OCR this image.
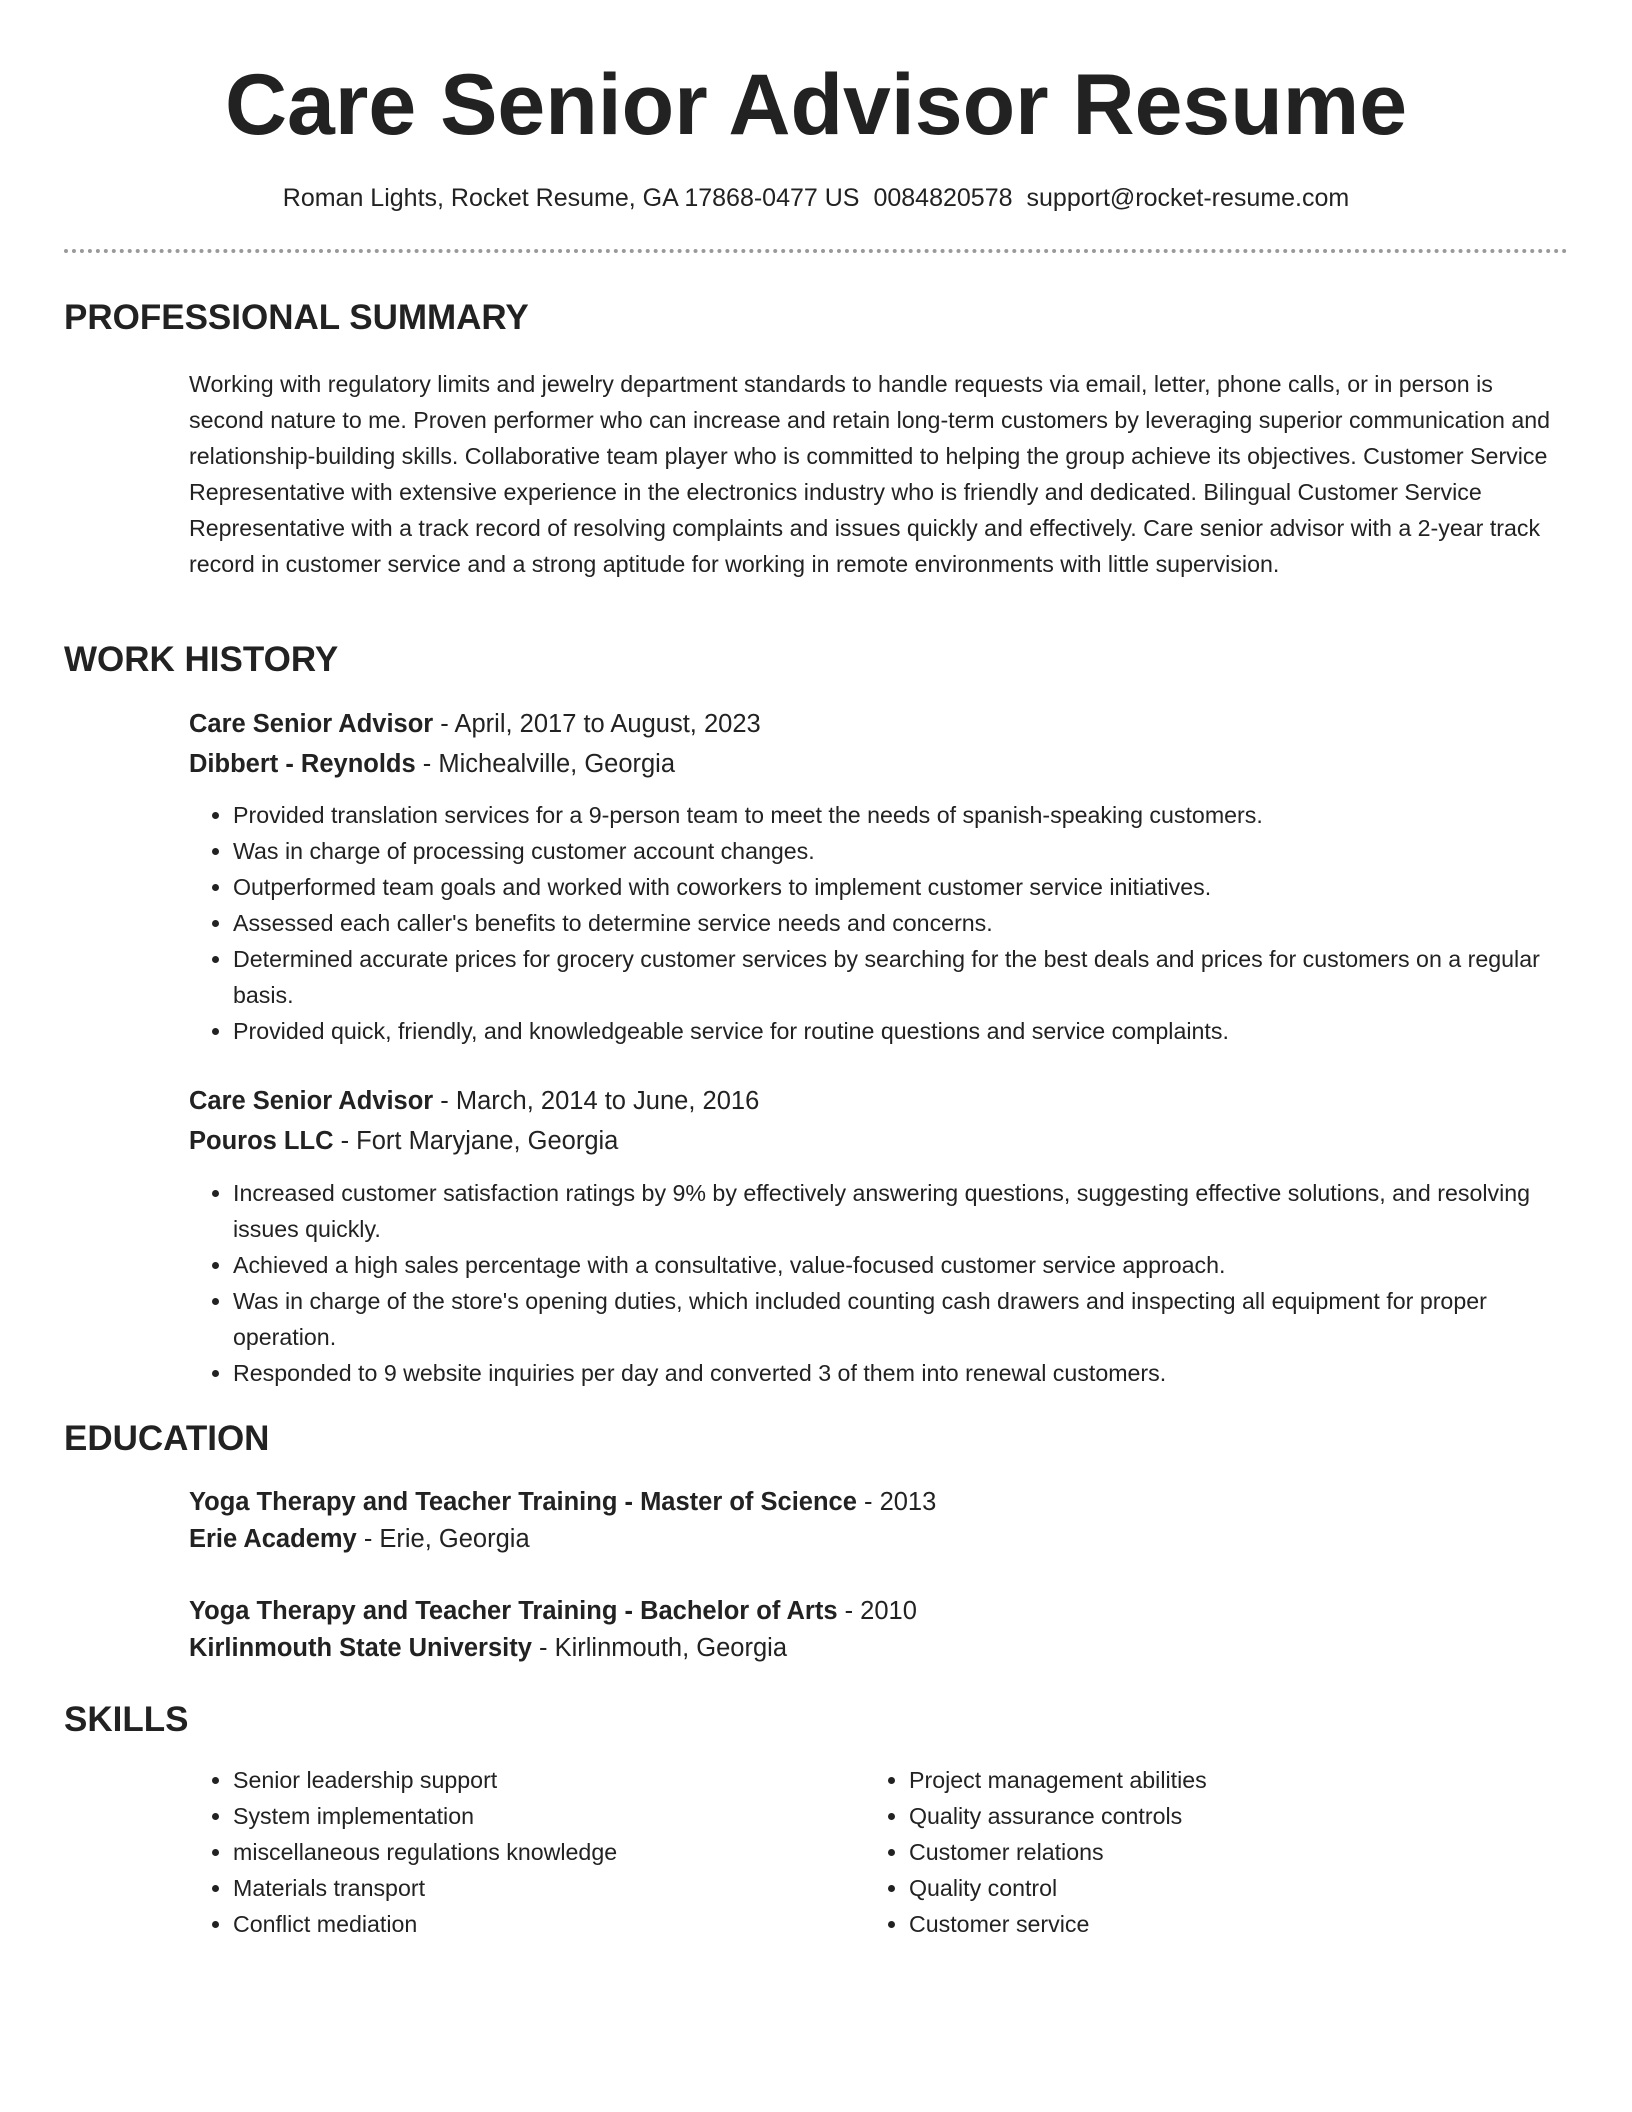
Care Senior Advisor Resume
Roman Lights, Rocket Resume, GA 17868-0477 US 0084820578 support@rocket-resume.com
PROFESSIONAL SUMMARY
Working with regulatory limits and jewelry department standards to handle requests via email, letter, phone calls, or in person is second nature to me. Proven performer who can increase and retain long-term customers by leveraging superior communication and relationship-building skills. Collaborative team player who is committed to helping the group achieve its objectives. Customer Service Representative with extensive experience in the electronics industry who is friendly and dedicated. Bilingual Customer Service Representative with a track record of resolving complaints and issues quickly and effectively. Care senior advisor with a 2-year track record in customer service and a strong aptitude for working in remote environments with little supervision.
WORK HISTORY
Care Senior Advisor - April, 2017 to August, 2023
Dibbert - Reynolds - Michealville, Georgia
• Provided translation services for a 9-person team to meet the needs of spanish-speaking customers.
• Was in charge of processing customer account changes.
• Outperformed team goals and worked with coworkers to implement customer service initiatives.
• Assessed each caller's benefits to determine service needs and concerns.
• Determined accurate prices for grocery customer services by searching for the best deals and prices for customers on a regular basis.
• Provided quick, friendly, and knowledgeable service for routine questions and service complaints.
Care Senior Advisor - March, 2014 to June, 2016
Pouros LLC - Fort Maryjane, Georgia
• Increased customer satisfaction ratings by 9% by effectively answering questions, suggesting effective solutions, and resolving issues quickly.
• Achieved a high sales percentage with a consultative, value-focused customer service approach.
• Was in charge of the store's opening duties, which included counting cash drawers and inspecting all equipment for proper operation.
• Responded to 9 website inquiries per day and converted 3 of them into renewal customers.
EDUCATION
Yoga Therapy and Teacher Training - Master of Science - 2013
Erie Academy - Erie, Georgia
Yoga Therapy and Teacher Training - Bachelor of Arts - 2010
Kirlinmouth State University - Kirlinmouth, Georgia
SKILLS
• Senior leadership support
• System implementation
• miscellaneous regulations knowledge
• Materials transport
• Conflict mediation
• Project management abilities
• Quality assurance controls
• Customer relations
• Quality control
• Customer service
